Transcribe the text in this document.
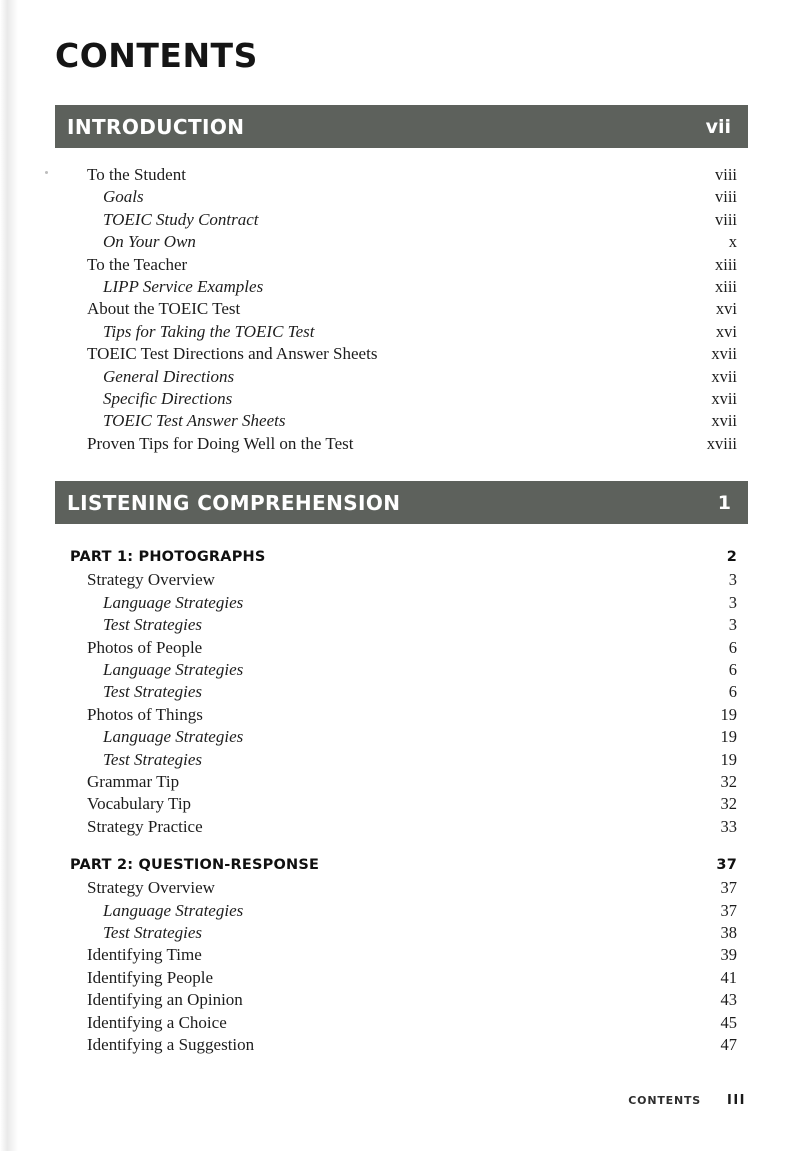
CONTENTS
INTRODUCTION	vii
To the Student	viii
Goals	viii
TOEIC Study Contract	viii
On Your Own	x
To the Teacher	xiii
LIPP Service Examples	xiii
About the TOEIC Test	xvi
Tips for Taking the TOEIC Test	xvi
TOEIC Test Directions and Answer Sheets	xvii
General Directions	xvii
Specific Directions	xvii
TOEIC Test Answer Sheets	xvii
Proven Tips for Doing Well on the Test	xviii
LISTENING COMPREHENSION	1
PART 1: PHOTOGRAPHS	2
Strategy Overview	3
Language Strategies	3
Test Strategies	3
Photos of People	6
Language Strategies	6
Test Strategies	6
Photos of Things	19
Language Strategies	19
Test Strategies	19
Grammar Tip	32
Vocabulary Tip	32
Strategy Practice	33
PART 2: QUESTION-RESPONSE	37
Strategy Overview	37
Language Strategies	37
Test Strategies	38
Identifying Time	39
Identifying People	41
Identifying an Opinion	43
Identifying a Choice	45
Identifying a Suggestion	47
CONTENTS III
